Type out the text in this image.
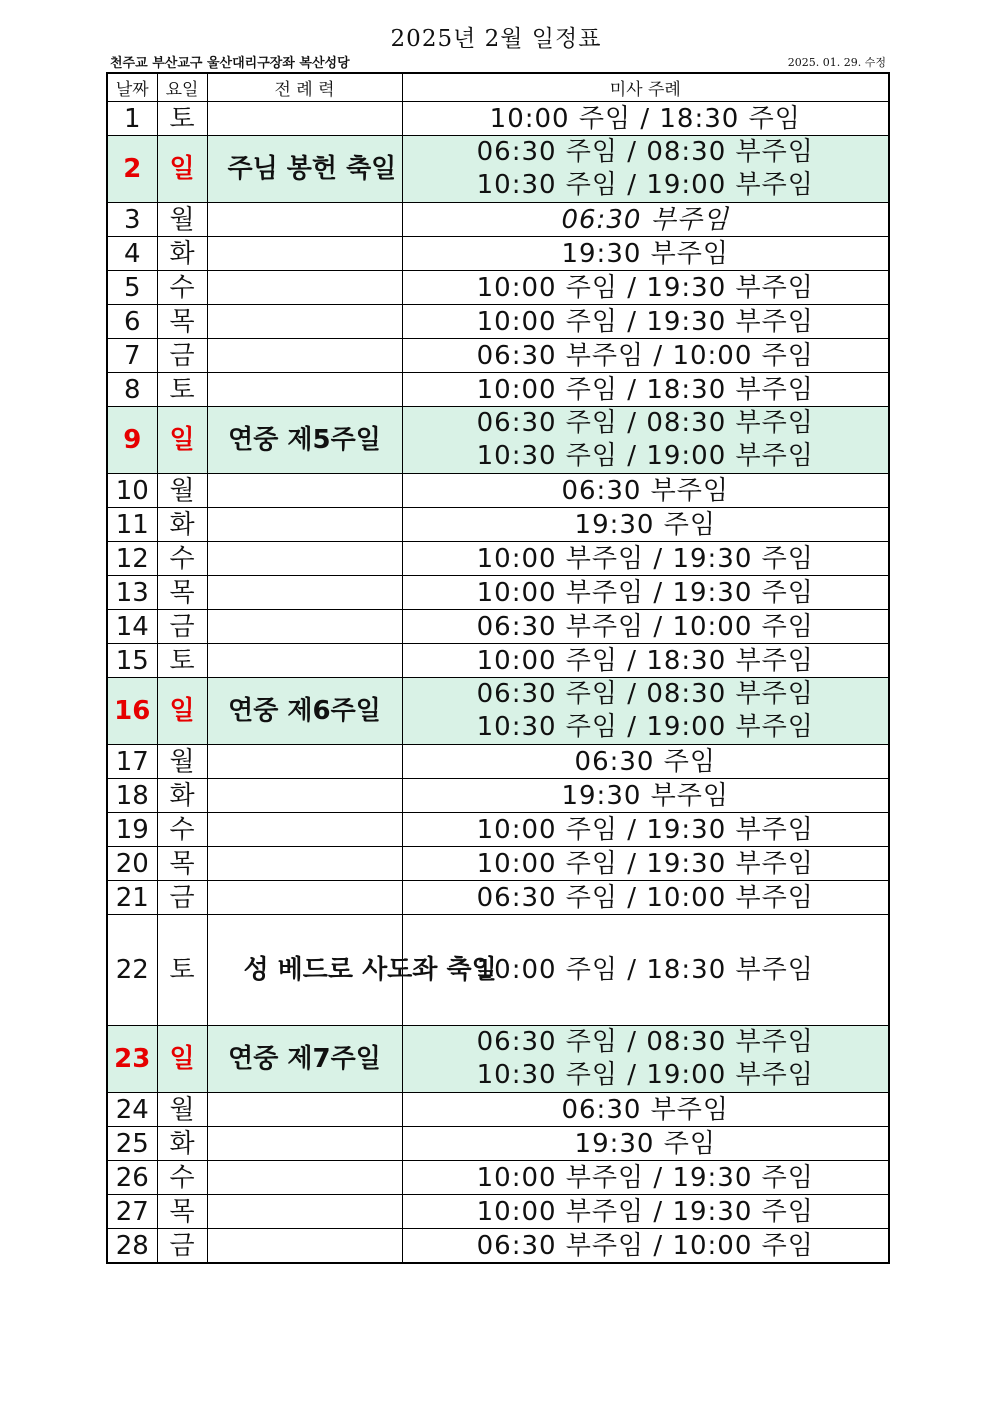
2025년 2월 일정표
천주교 부산교구 울산대리구장좌 복산성당	2025. 01. 29. 수정
날짜	요일	전 례 력	미사 주례
1	토		10:00 주임 / 18:30 주임
2	일	주님 봉헌 축일	06:30 주임 / 08:30 부주임
10:30 주임 / 19:00 부주임

3	월		06:30 부주임
4	화		19:30 부주임
5	수		10:00 주임 / 19:30 부주임
6	목		10:00 주임 / 19:30 부주임
7	금		06:30 부주임 / 10:00 주임
8	토		10:00 주임 / 18:30 부주임
9	일	연중 제5주일	06:30 주임 / 08:30 부주임
10:30 주임 / 19:00 부주임

10	월		06:30 부주임
11	화		19:30 주임
12	수		10:00 부주임 / 19:30 주임
13	목		10:00 부주임 / 19:30 주임
14	금		06:30 부주임 / 10:00 주임
15	토		10:00 주임 / 18:30 부주임
16	일	연중 제6주일	06:30 주임 / 08:30 부주임
10:30 주임 / 19:00 부주임

17	월		06:30 주임
18	화		19:30 부주임
19	수		10:00 주임 / 19:30 부주임
20	목		10:00 주임 / 19:30 부주임
21	금		06:30 주임 / 10:00 부주임
22	토	성 베드로 사도좌 축일	10:00 주임 / 18:30 부주임
23	일	연중 제7주일	06:30 주임 / 08:30 부주임
10:30 주임 / 19:00 부주임

24	월		06:30 부주임
25	화		19:30 주임
26	수		10:00 부주임 / 19:30 주임
27	목		10:00 부주임 / 19:30 주임
28	금		06:30 부주임 / 10:00 주임
